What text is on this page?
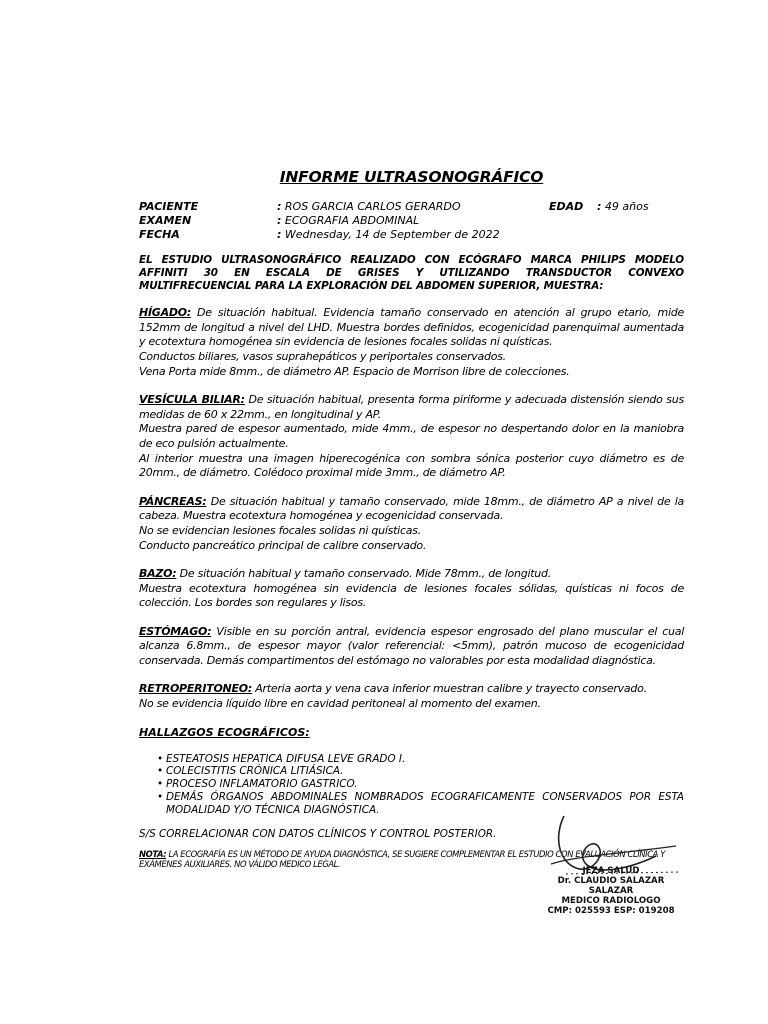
INFORME ULTRASONOGRÁFICO
PACIENTE	: ROS GARCIA CARLOS GERARDO	EDAD	: 49 años
EXAMEN	: ECOGRAFIA ABDOMINAL
FECHA	: Wednesday, 14 de September de 2022
EL ESTUDIO ULTRASONOGRÁFICO REALIZADO CON ECÓGRAFO MARCA PHILIPS MODELO AFFINITI 30 EN ESCALA DE GRISES Y UTILIZANDO TRANSDUCTOR CONVEXO MULTIFRECUENCIAL PARA LA EXPLORACIÓN DEL ABDOMEN SUPERIOR, MUESTRA:
HÍGADO: De situación habitual. Evidencia tamaño conservado en atención al grupo etario, mide 152mm de longitud a nivel del LHD. Muestra bordes definidos, ecogenicidad parenquimal aumentada y ecotextura homogénea sin evidencia de lesiones focales solidas ni quísticas.
Conductos biliares, vasos suprahepáticos y periportales conservados.
Vena Porta mide 8mm., de diámetro AP. Espacio de Morrison libre de colecciones.
VESÍCULA BILIAR: De situación habitual, presenta forma piriforme y adecuada distensión siendo sus medidas de 60 x 22mm., en longitudinal y AP.
Muestra pared de espesor aumentado, mide 4mm., de espesor no despertando dolor en la maniobra de eco pulsión actualmente.
Al interior muestra una imagen hiperecogénica con sombra sónica posterior cuyo diámetro es de 20mm., de diámetro. Colédoco proximal mide 3mm., de diámetro AP.
PÁNCREAS: De situación habitual y tamaño conservado, mide 18mm., de diámetro AP a nivel de la cabeza. Muestra ecotextura homogénea y ecogenicidad conservada.
No se evidencian lesiones focales solidas ni quísticas.
Conducto pancreático principal de calibre conservado.
BAZO: De situación habitual y tamaño conservado. Mide 78mm., de longitud.
Muestra ecotextura homogénea sin evidencia de lesiones focales sólidas, quísticas ni focos de colección. Los bordes son regulares y lisos.
ESTÓMAGO: Visible en su porción antral, evidencia espesor engrosado del plano muscular el cual alcanza 6.8mm., de espesor mayor (valor referencial: <5mm), patrón mucoso de ecogenicidad conservada. Demás compartimentos del estómago no valorables por esta modalidad diagnóstica.
RETROPERITONEO: Arteria aorta y vena cava inferior muestran calibre y trayecto conservado.
No se evidencia líquido libre en cavidad peritoneal al momento del examen.
HALLAZGOS ECOGRÁFICOS:
• ESTEATOSIS HEPATICA DIFUSA LEVE GRADO I.
• COLECISTITIS CRÓNICA LITIÁSICA.
• PROCESO INFLAMATORIO GASTRICO.
• DEMÁS ÓRGANOS ABDOMINALES NOMBRADOS ECOGRAFICAMENTE CONSERVADOS POR ESTA MODALIDAD Y/O TÉCNICA DIAGNÓSTICA.
S/S CORRELACIONAR CON DATOS CLÍNICOS Y CONTROL POSTERIOR.
NOTA: LA ECOGRAFÍA ES UN MÉTODO DE AYUDA DIAGNÓSTICA, SE SUGIERE COMPLEMENTAR EL ESTUDIO CON EVALUACIÓN CLÍNICA Y EXÁMENES AUXILIARES. NO VÁLIDO MEDICO LEGAL.
JEZA SALUD
Dr. CLAUDIO SALAZAR SALAZAR
MEDICO RADIOLOGO
CMP: 025593 ESP: 019208
